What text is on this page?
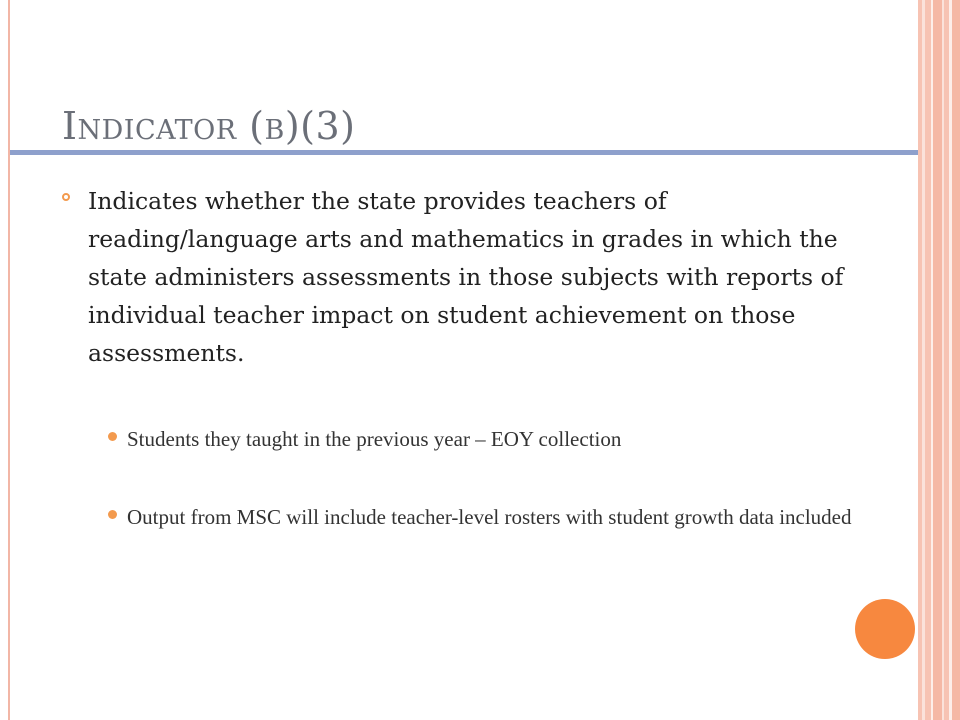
Indicator (b)(3)
Indicates whether the state provides teachers of reading/language arts and mathematics in grades in which the state administers assessments in those subjects with reports of individual teacher impact on student achievement on those assessments.
Students they taught in the previous year – EOY collection
Output from MSC will include teacher-level rosters with student growth data included
